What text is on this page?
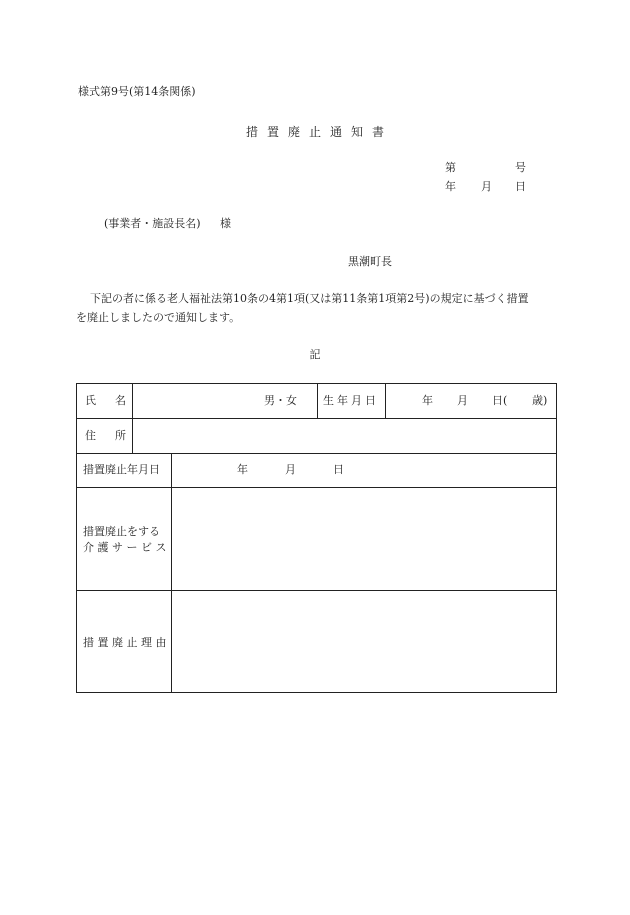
様式第9号(第14条関係)
措置廃止通知書
第	号
年 月 日
(事業者・施設長名) 様
黒潮町長
下記の者に係る老人福祉法第10条の4第1項(又は第11条第1項第2号)の規定に基づく措置
を廃止しましたので通知します。
記
氏 名	男・女 生年月日	年 月 日( 歳)
住 所
措置廃止年月日	年	月	日
措置廃止をする
介護サービス
措置廃止理由
